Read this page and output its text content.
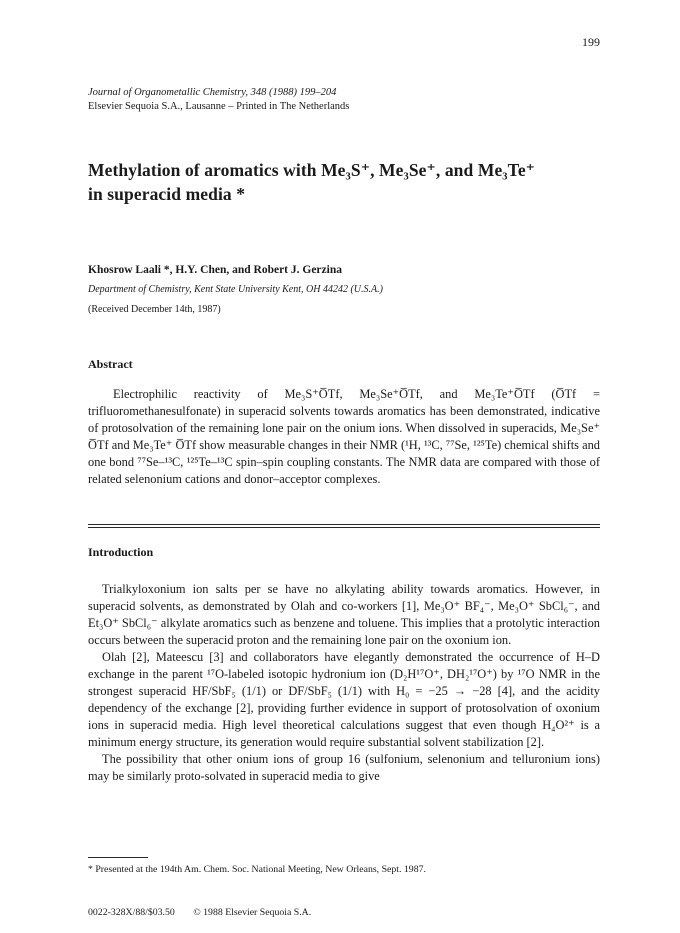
199
Journal of Organometallic Chemistry, 348 (1988) 199–204
Elsevier Sequoia S.A., Lausanne – Printed in The Netherlands
Methylation of aromatics with Me₃S⁺, Me₃Se⁺, and Me₃Te⁺
in superacid media *
Khosrow Laali *, H.Y. Chen, and Robert J. Gerzina
Department of Chemistry, Kent State University Kent, OH 44242 (U.S.A.)
(Received December 14th, 1987)
Abstract
Electrophilic reactivity of Me₃S⁺O̅Tf, Me₃Se⁺O̅Tf, and Me₃Te⁺O̅Tf (O̅Tf = trifluoromethanesulfonate) in superacid solvents towards aromatics has been demonstrated, indicative of protosolvation of the remaining lone pair on the onium ions. When dissolved in superacids, Me₃Se⁺ O̅Tf and Me₃Te⁺ O̅Tf show measurable changes in their NMR (¹H, ¹³C, ⁷⁷Se, ¹²⁵Te) chemical shifts and one bond ⁷⁷Se–¹³C, ¹²⁵Te–¹³C spin–spin coupling constants. The NMR data are compared with those of related selenonium cations and donor–acceptor complexes.
Introduction

Trialkyloxonium ion salts per se have no alkylating ability towards aromatics. However, in superacid solvents, as demonstrated by Olah and co-workers [1], Me₃O⁺ BF₄⁻, Me₃O⁺ SbCl₆⁻, and Et₃O⁺ SbCl₆⁻ alkylate aromatics such as benzene and toluene. This implies that a protolytic interaction occurs between the superacid proton and the remaining lone pair on the oxonium ion.

Olah [2], Mateescu [3] and collaborators have elegantly demonstrated the occurrence of H–D exchange in the parent ¹⁷O-labeled isotopic hydronium ion (D₂H¹⁷O⁺, DH₂¹⁷O⁺) by ¹⁷O NMR in the strongest superacid HF/SbF₅ (1/1) or DF/SbF₅ (1/1) with H₀ = −25 → −28 [4], and the acidity dependency of the exchange [2], providing further evidence in support of protosolvation of oxonium ions in superacid media. High level theoretical calculations suggest that even though H₄O²⁺ is a minimum energy structure, its generation would require substantial solvent stabilization [2].

The possibility that other onium ions of group 16 (sulfonium, selenonium and telluronium ions) may be similarly proto-solvated in superacid media to give

* Presented at the 194th Am. Chem. Soc. National Meeting, New Orleans, Sept. 1987.
0022-328X/88/$03.50 © 1988 Elsevier Sequoia S.A.
